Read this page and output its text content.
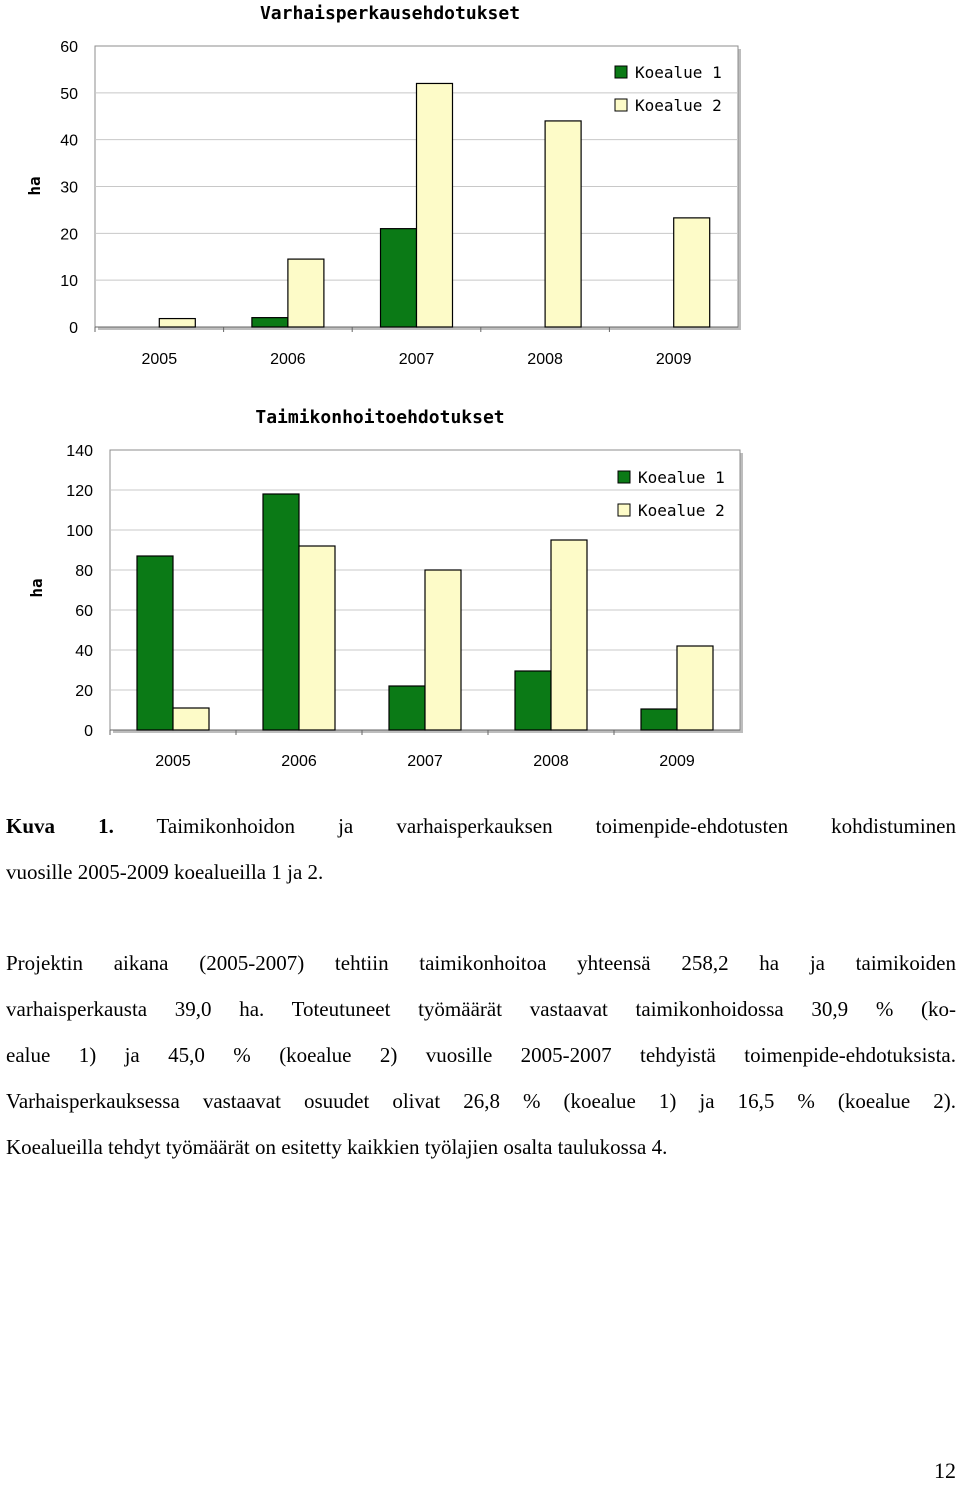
0
10
20
30
40
50
60
2005	2006	2007	2008	2009
Varhaisperkausehdotukset
ha
Koealue 1
Koealue 2
0
20
40
60
80
100
120
140
2005	2006	2007	2008	2009
Taimikonhoitoehdotukset
ha
Koealue 1
Koealue 2
Kuva 1. Taimikonhoidon ja varhaisperkauksen toimenpide-ehdotusten kohdistuminen
vuosille 2005-2009 koealueilla 1 ja 2.
Projektin aikana (2005-2007) tehtiin taimikonhoitoa yhteensä 258,2 ha ja taimikoiden
varhaisperkausta 39,0 ha. Toteutuneet työmäärät vastaavat taimikonhoidossa 30,9 % (ko-
ealue 1) ja 45,0 % (koealue 2) vuosille 2005-2007 tehdyistä toimenpide-ehdotuksista.
Varhaisperkauksessa vastaavat osuudet olivat 26,8 % (koealue 1) ja 16,5 % (koealue 2).
Koealueilla tehdyt työmäärät on esitetty kaikkien työlajien osalta taulukossa 4.
12
